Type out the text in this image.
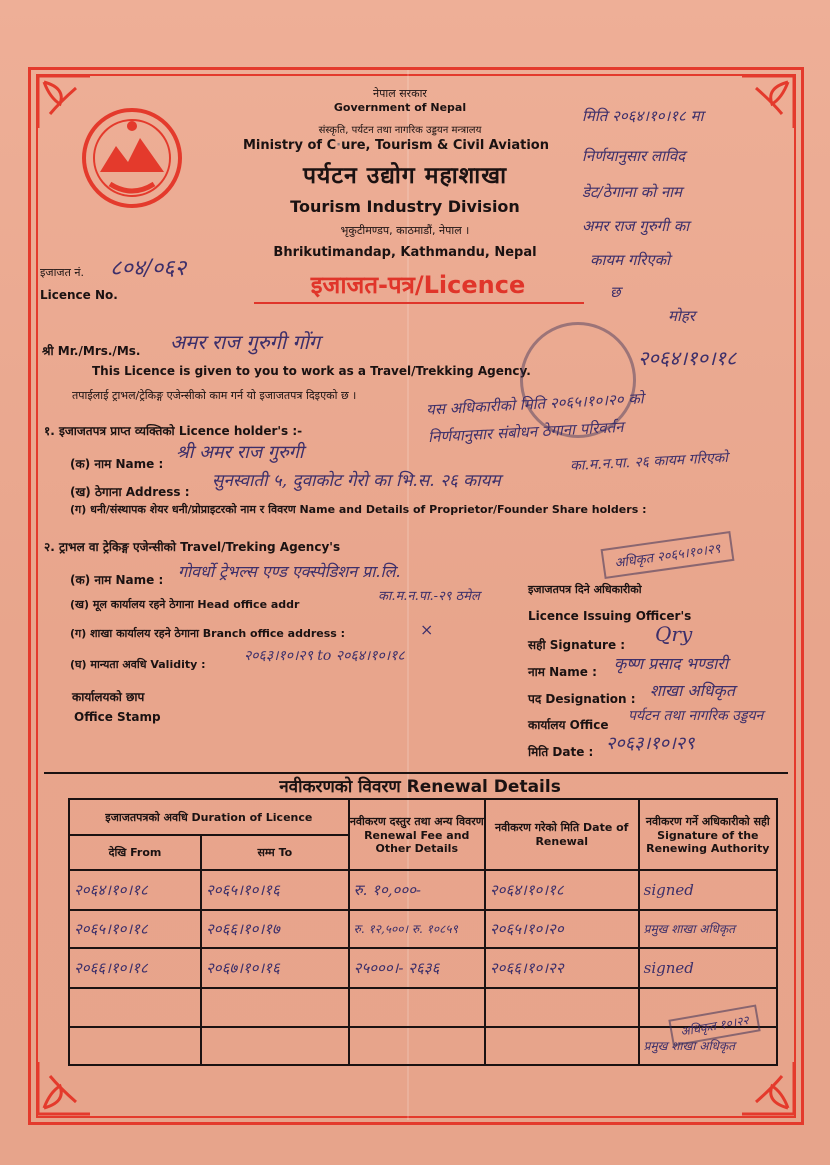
नेपाल सरकार
Government of Nepal
संस्कृति, पर्यटन तथा नागरिक उड्डयन मन्त्रालय
Ministry of C·ure, Tourism & Civil Aviation
पर्यटन उद्योग महाशाखा
Tourism Industry Division
भृकुटीमण्डप, काठमाडौं, नेपाल ।
Bhrikutimandap, Kathmandu, Nepal
इजाजत-पत्र/Licence
इजाजत नं. ८०४/०६२
Licence No.
श्री Mr./Mrs./Ms. अमर राज गुरुगी गोंग
This Licence is given to you to work as a Travel/Trekking Agency.
तपाईलाई ट्राभल/ट्रेकिङ्ग एजेन्सीको काम गर्न यो इजाजतपत्र दिइएको छ ।
१. इजाजतपत्र प्राप्त व्यक्तिको Licence holder's :-
(क) नाम Name :
श्री अमर राज गुरुगी
(ख) ठेगाना Address :
सुनस्वाती ५, दुवाकोट गेरो का भि.स. २६ कायम
(ग) धनी/संस्थापक शेयर धनी/प्रोप्राइटरको नाम र विवरण Name and Details of Proprietor/Founder Share holders :
२. ट्राभल वा ट्रेकिङ्ग एजेन्सीको Travel/Treking Agency's
(क) नाम Name : गोवर्धो ट्रेभल्स एण्ड एक्स्पेडिशन प्रा.लि.
(ख) मूल कार्यालय रहने ठेगाना Head office addr
का.म.न.पा.-२९ ठमेल
(ग) शाखा कार्यालय रहने ठेगाना Branch office address :	×
(घ) मान्यता अवधि Validity :
२०६३।१०।२९ to २०६४।१०।१८
कार्यालयको छाप
Office Stamp
इजाजतपत्र दिने अधिकारीको
Licence Issuing Officer's
सही Signature : Qry
नाम Name : कृष्ण प्रसाद भण्डारी
पद Designation : शाखा अधिकृत
कार्यालय Office
पर्यटन तथा नागरिक उड्डयन
मिति Date : २०६३।१०।२९
नवीकरणको विवरण Renewal Details
इजाजतपत्रको अवधि Duration of Licence		नवीकरण दस्तुर तथा अन्य विवरण Renewal Fee and Other Details	नवीकरण गरेको मिति Date of Renewal	नवीकरण गर्ने अधिकारीको सही Signature of the Renewing Authority
देखि From	सम्म To			
२०६४।१०।१८	२०६५।१०।१६	रु. १०,०००-	२०६४।१०।१८	signed
२०६५।१०।१८	२०६६।१०।१७	रु. १२,५००। रु. १०८५९	२०६५।१०।२०	प्रमुख शाखा अधिकृत
२०६६।१०।१८	२०६७।१०।१६	२५०००।- २६३६	२०६६।१०।२२	signed

				प्रमुख शाखा अधिकृत
अधिकृत २०६५।१०।२९
अधिकृत १०।२२
मिति २०६४।१०।१८ मा
निर्णयानुसार लाविद
डेट/ठेगाना को नाम
अमर राज गुरुगी का
कायम गरिएको
छ
मोहर
२०६४।१०।१८
यस अधिकारीको मिति २०६५।१०।२० को
निर्णयानुसार संबोधन ठेगाना परिवर्तन
का.म.न.पा. २६ कायम गरिएको
